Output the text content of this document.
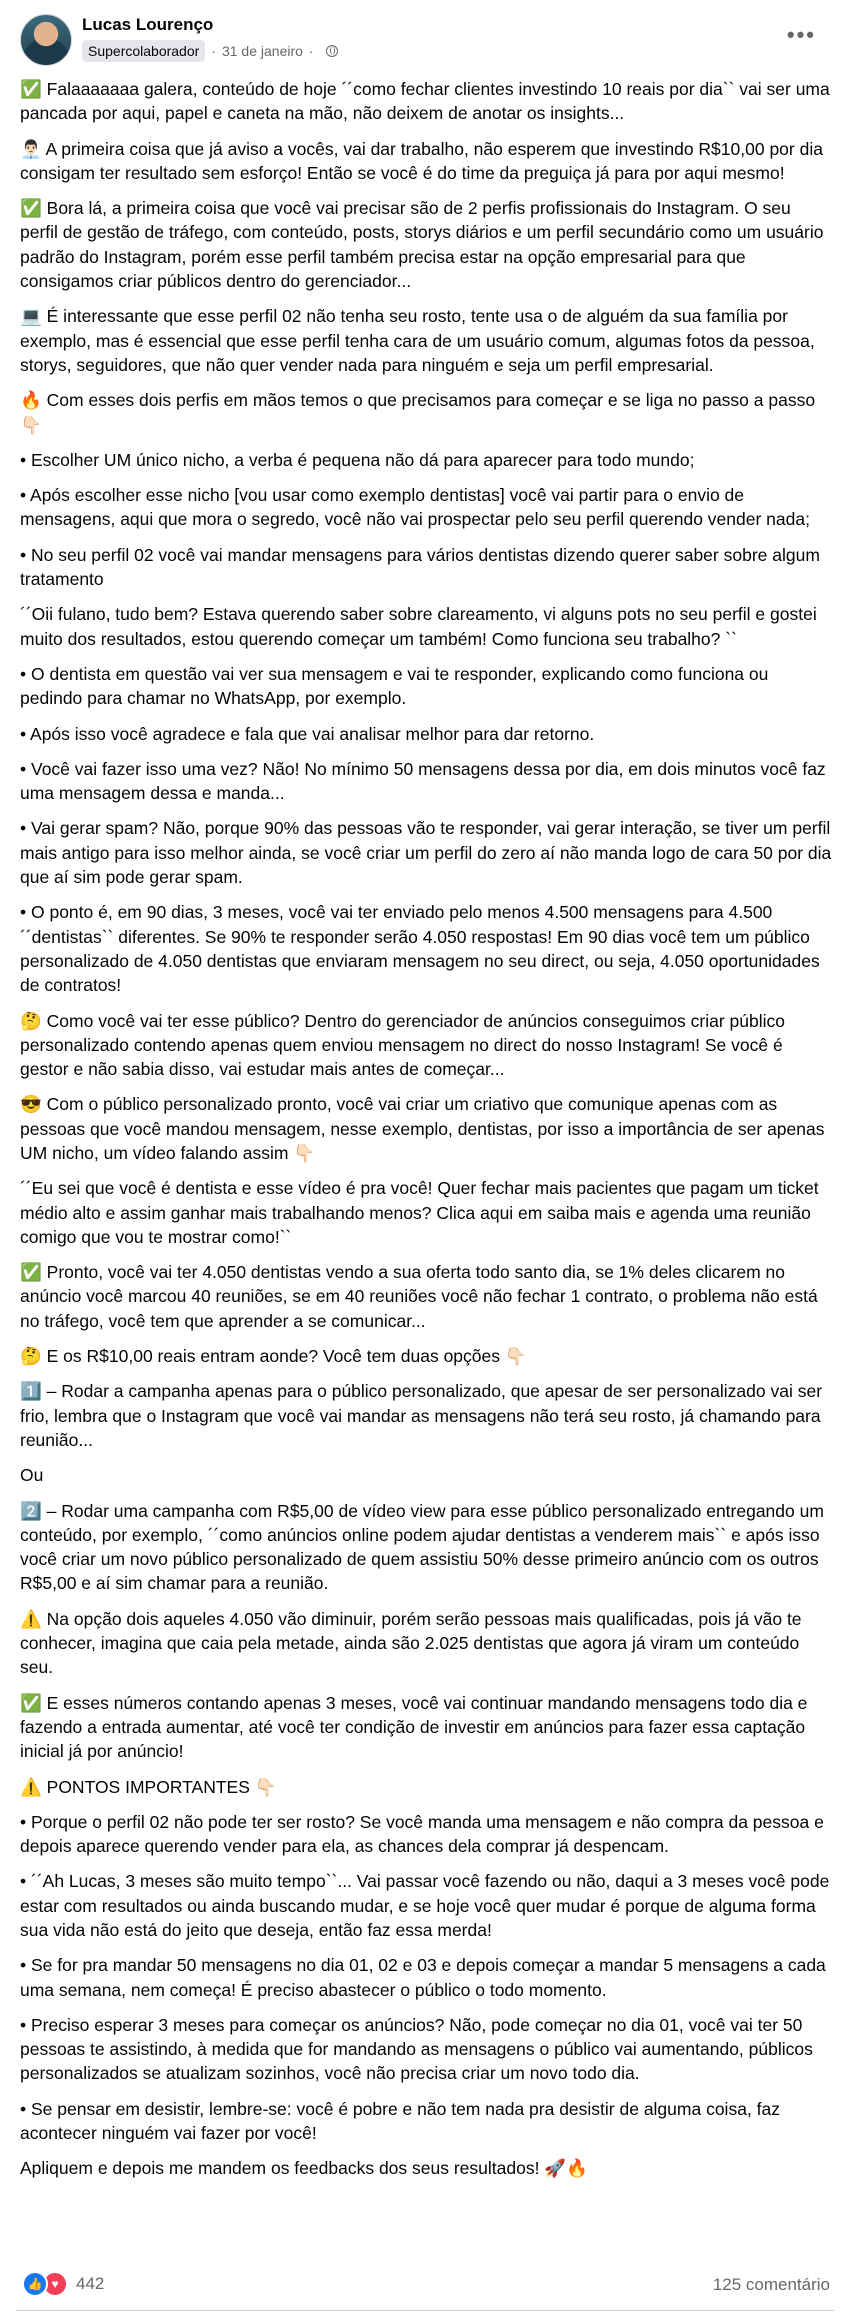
Lucas Lourenço
Supercolaborador · 31 de janeiro ·
•••

✅ Falaaaaaaa galera, conteúdo de hoje ´´como fechar clientes investindo 10 reais por dia`` vai ser uma pancada por aqui, papel e caneta na mão, não deixem de anotar os insights...

👨🏻‍💼 A primeira coisa que já aviso a vocês, vai dar trabalho, não esperem que investindo R$10,00 por dia consigam ter resultado sem esforço! Então se você é do time da preguiça já para por aqui mesmo!

✅ Bora lá, a primeira coisa que você vai precisar são de 2 perfis profissionais do Instagram. O seu perfil de gestão de tráfego, com conteúdo, posts, storys diários e um perfil secundário como um usuário padrão do Instagram, porém esse perfil também precisa estar na opção empresarial para que consigamos criar públicos dentro do gerenciador...

💻 É interessante que esse perfil 02 não tenha seu rosto, tente usa o de alguém da sua família por exemplo, mas é essencial que esse perfil tenha cara de um usuário comum, algumas fotos da pessoa, storys, seguidores, que não quer vender nada para ninguém e seja um perfil empresarial.

🔥 Com esses dois perfis em mãos temos o que precisamos para começar e se liga no passo a passo 👇🏻

• Escolher UM único nicho, a verba é pequena não dá para aparecer para todo mundo;

• Após escolher esse nicho [vou usar como exemplo dentistas] você vai partir para o envio de mensagens, aqui que mora o segredo, você não vai prospectar pelo seu perfil querendo vender nada;

• No seu perfil 02 você vai mandar mensagens para vários dentistas dizendo querer saber sobre algum tratamento

´´Oii fulano, tudo bem? Estava querendo saber sobre clareamento, vi alguns pots no seu perfil e gostei muito dos resultados, estou querendo começar um também! Como funciona seu trabalho? ``

• O dentista em questão vai ver sua mensagem e vai te responder, explicando como funciona ou pedindo para chamar no WhatsApp, por exemplo.

• Após isso você agradece e fala que vai analisar melhor para dar retorno.

• Você vai fazer isso uma vez? Não! No mínimo 50 mensagens dessa por dia, em dois minutos você faz uma mensagem dessa e manda...

• Vai gerar spam? Não, porque 90% das pessoas vão te responder, vai gerar interação, se tiver um perfil mais antigo para isso melhor ainda, se você criar um perfil do zero aí não manda logo de cara 50 por dia que aí sim pode gerar spam.

• O ponto é, em 90 dias, 3 meses, você vai ter enviado pelo menos 4.500 mensagens para 4.500 ´´dentistas`` diferentes. Se 90% te responder serão 4.050 respostas! Em 90 dias você tem um público personalizado de 4.050 dentistas que enviaram mensagem no seu direct, ou seja, 4.050 oportunidades de contratos!

🤔 Como você vai ter esse público? Dentro do gerenciador de anúncios conseguimos criar público personalizado contendo apenas quem enviou mensagem no direct do nosso Instagram! Se você é gestor e não sabia disso, vai estudar mais antes de começar...

😎 Com o público personalizado pronto, você vai criar um criativo que comunique apenas com as pessoas que você mandou mensagem, nesse exemplo, dentistas, por isso a importância de ser apenas UM nicho, um vídeo falando assim 👇🏻

´´Eu sei que você é dentista e esse vídeo é pra você! Quer fechar mais pacientes que pagam um ticket médio alto e assim ganhar mais trabalhando menos? Clica aqui em saiba mais e agenda uma reunião comigo que vou te mostrar como!``

✅ Pronto, você vai ter 4.050 dentistas vendo a sua oferta todo santo dia, se 1% deles clicarem no anúncio você marcou 40 reuniões, se em 40 reuniões você não fechar 1 contrato, o problema não está no tráfego, você tem que aprender a se comunicar...

🤔 E os R$10,00 reais entram aonde? Você tem duas opções 👇🏻

1️⃣ – Rodar a campanha apenas para o público personalizado, que apesar de ser personalizado vai ser frio, lembra que o Instagram que você vai mandar as mensagens não terá seu rosto, já chamando para reunião...

Ou

2️⃣ – Rodar uma campanha com R$5,00 de vídeo view para esse público personalizado entregando um conteúdo, por exemplo, ´´como anúncios online podem ajudar dentistas a venderem mais`` e após isso você criar um novo público personalizado de quem assistiu 50% desse primeiro anúncio com os outros R$5,00 e aí sim chamar para a reunião.

⚠️ Na opção dois aqueles 4.050 vão diminuir, porém serão pessoas mais qualificadas, pois já vão te conhecer, imagina que caia pela metade, ainda são 2.025 dentistas que agora já viram um conteúdo seu.

✅ E esses números contando apenas 3 meses, você vai continuar mandando mensagens todo dia e fazendo a entrada aumentar, até você ter condição de investir em anúncios para fazer essa captação inicial já por anúncio!

⚠️ PONTOS IMPORTANTES 👇🏻

• Porque o perfil 02 não pode ter ser rosto? Se você manda uma mensagem e não compra da pessoa e depois aparece querendo vender para ela, as chances dela comprar já despencam.

• ´´Ah Lucas, 3 meses são muito tempo``... Vai passar você fazendo ou não, daqui a 3 meses você pode estar com resultados ou ainda buscando mudar, e se hoje você quer mudar é porque de alguma forma sua vida não está do jeito que deseja, então faz essa merda!

• Se for pra mandar 50 mensagens no dia 01, 02 e 03 e depois começar a mandar 5 mensagens a cada uma semana, nem começa! É preciso abastecer o público o todo momento.

• Preciso esperar 3 meses para começar os anúncios? Não, pode começar no dia 01, você vai ter 50 pessoas te assistindo, à medida que for mandando as mensagens o público vai aumentando, públicos personalizados se atualizam sozinhos, você não precisa criar um novo todo dia.

• Se pensar em desistir, lembre-se: você é pobre e não tem nada pra desistir de alguma coisa, faz acontecer ninguém vai fazer por você!

Apliquem e depois me mandem os feedbacks dos seus resultados! 🚀🔥

👍 ♥	442	125 comentário
